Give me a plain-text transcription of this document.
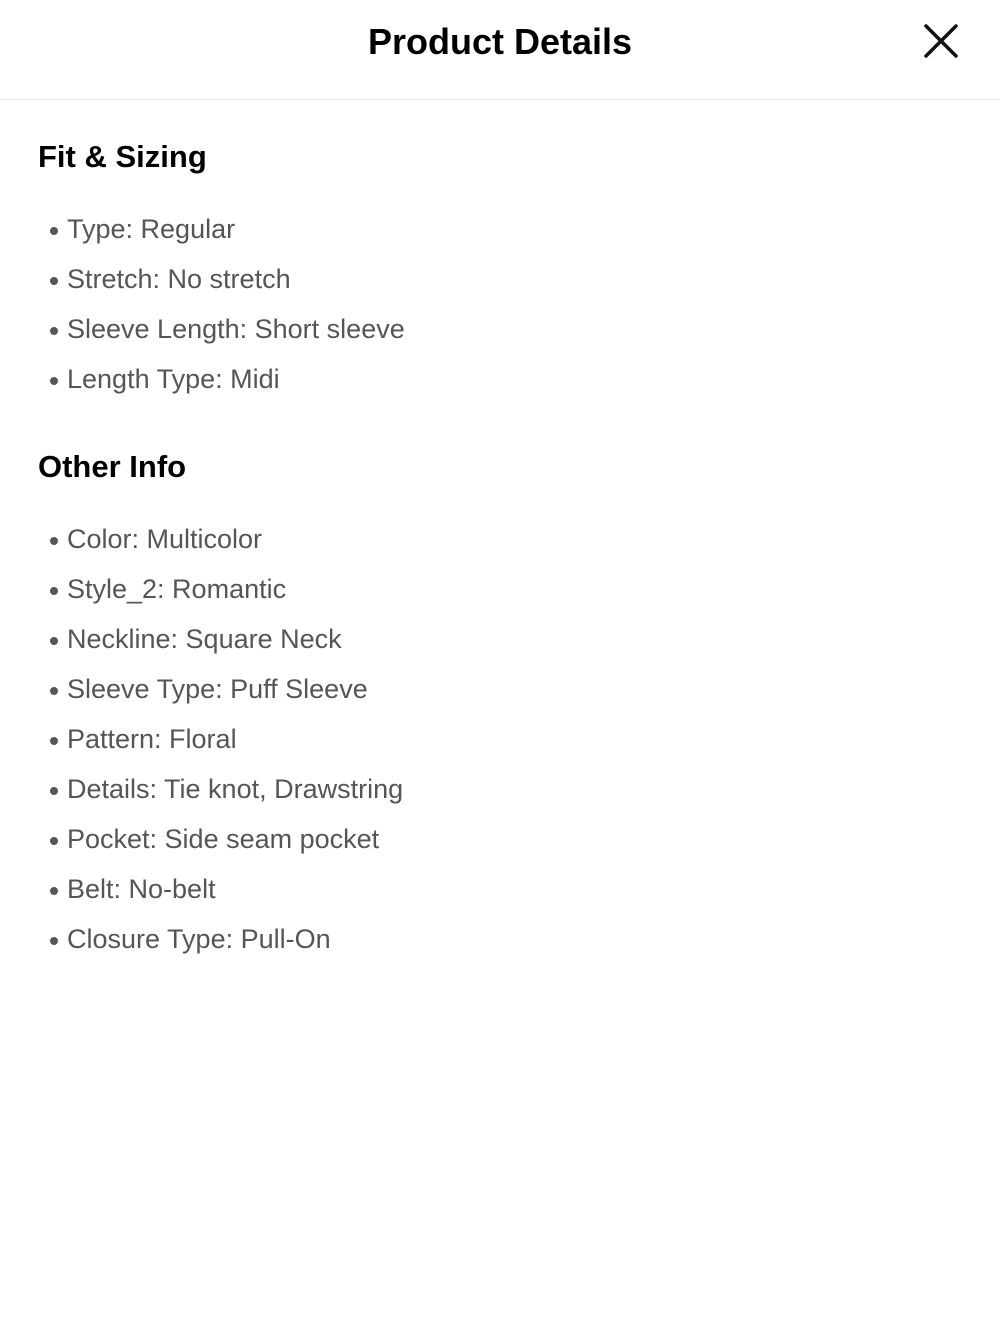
Product Details
Fit & Sizing
Type: Regular
Stretch: No stretch
Sleeve Length: Short sleeve
Length Type: Midi
Other Info
Color: Multicolor
Style_2: Romantic
Neckline: Square Neck
Sleeve Type: Puff Sleeve
Pattern: Floral
Details: Tie knot, Drawstring
Pocket: Side seam pocket
Belt: No-belt
Closure Type: Pull-On
